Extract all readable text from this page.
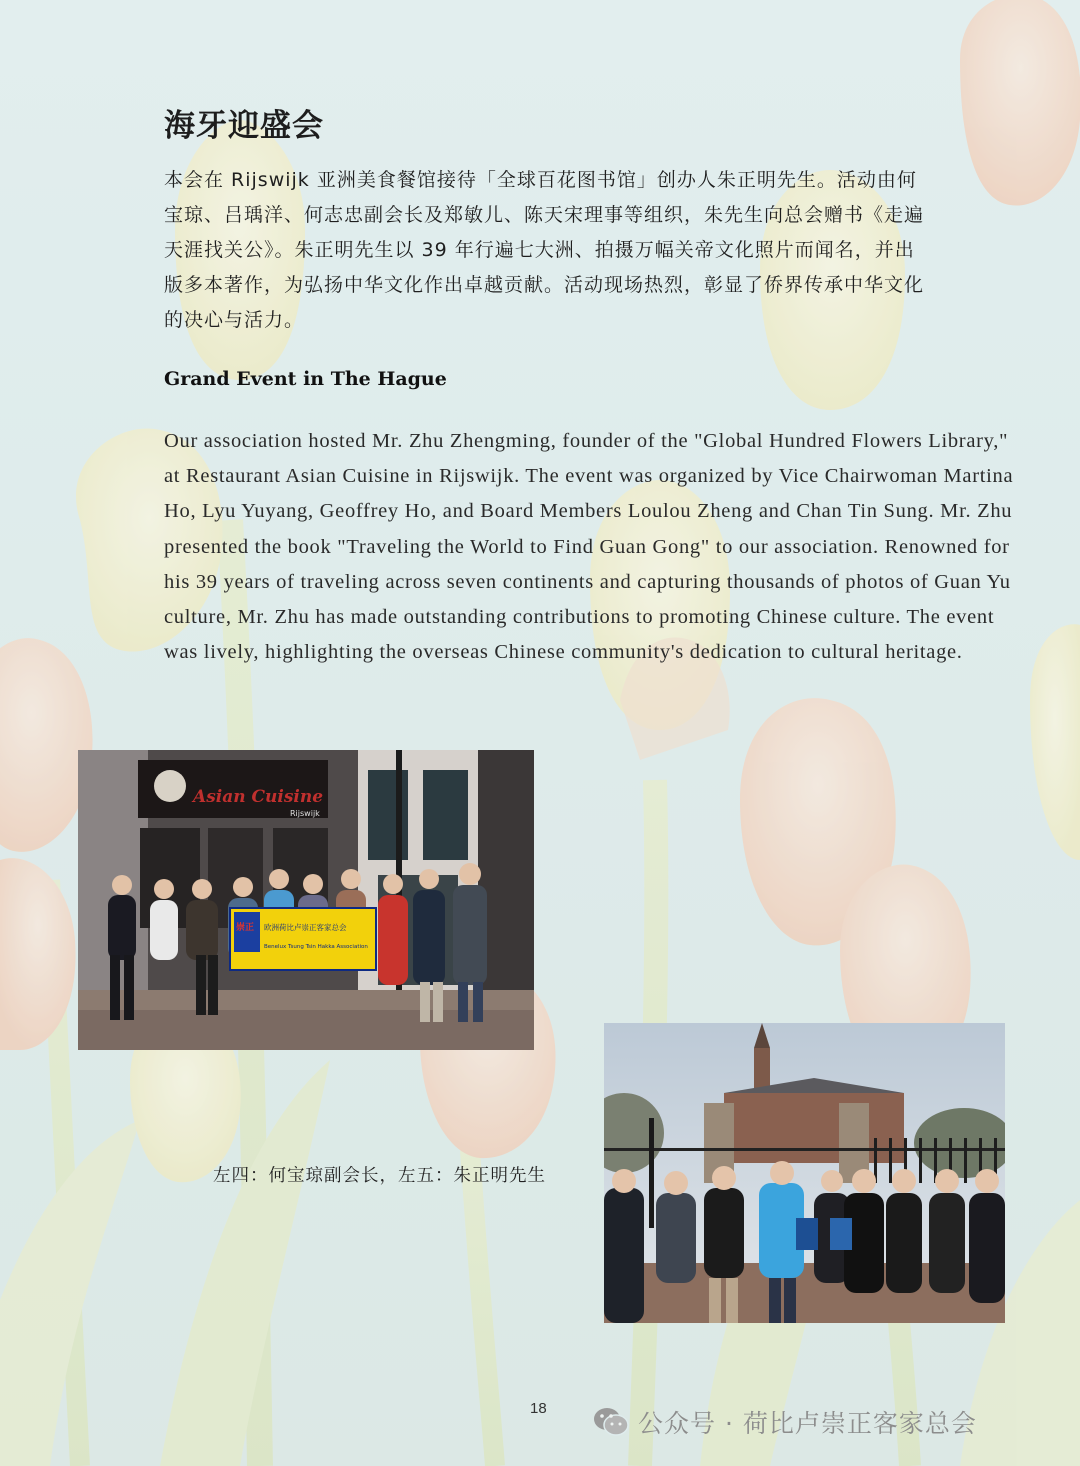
海牙迎盛会

本会在 Rijswijk 亚洲美食餐馆接待「全球百花图书馆」创办人朱正明先生。活动由何宝琼、吕瑀洋、何志忠副会长及郑敏儿、陈天宋理事等组织，朱先生向总会赠书《走遍天涯找关公》。朱正明先生以 39 年行遍七大洲、拍摄万幅关帝文化照片而闻名，并出版多本著作，为弘扬中华文化作出卓越贡献。活动现场热烈，彰显了侨界传承中华文化的决心与活力。

Grand Event in The Hague

Our association hosted Mr. Zhu Zhengming, founder of the "Global Hundred Flowers Library," at Restaurant Asian Cuisine in Rijswijk. The event was organized by Vice Chairwoman Martina Ho, Lyu Yuyang, Geoffrey Ho, and Board Members Loulou Zheng and Chan Tin Sung. Mr. Zhu presented the book "Traveling the World to Find Guan Gong" to our association. Renowned for his 39 years of traveling across seven continents and capturing thousands of photos of Guan Yu culture, Mr. Zhu has made outstanding contributions to promoting Chinese culture. The event was lively, highlighting the overseas Chinese community's dedication to cultural heritage.

Asian Cuisine
Rijswijk
崇正 欧洲荷比卢崇正客家总会
Benelux Tsung Tsin Hakka Association

左四：何宝琼副会长，左五：朱正明先生

18
公众号 · 荷比卢崇正客家总会
